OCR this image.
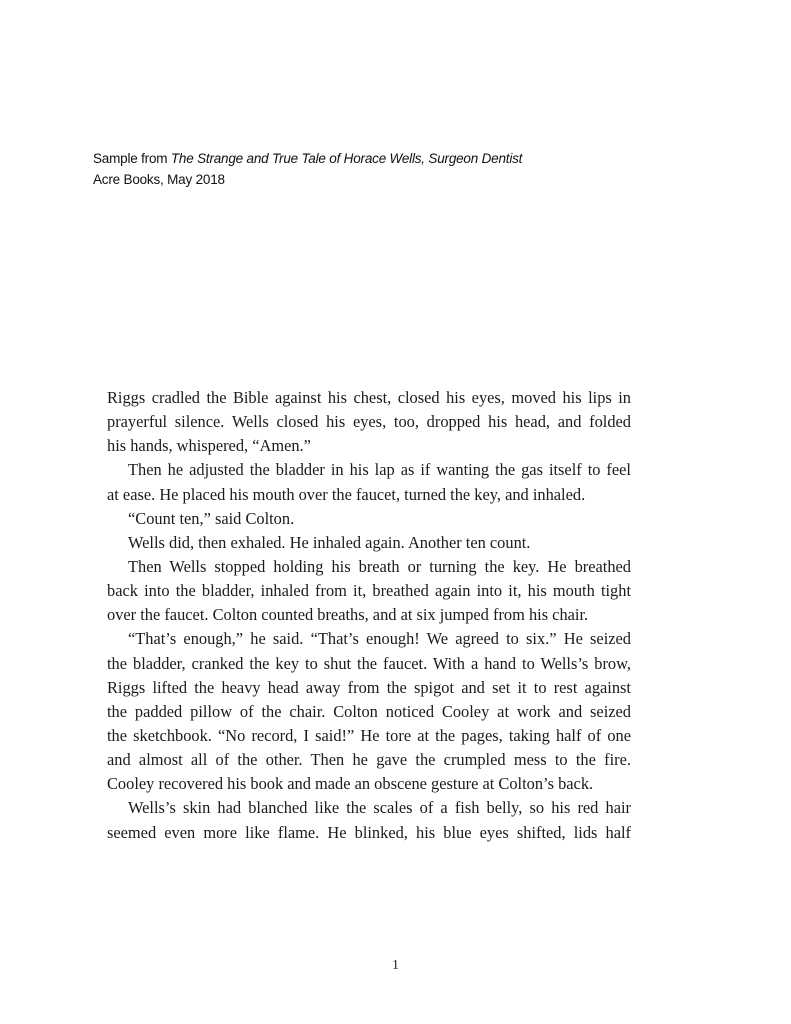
Sample from The Strange and True Tale of Horace Wells, Surgeon Dentist
Acre Books, May 2018
Riggs cradled the Bible against his chest, closed his eyes, moved his lips in
prayerful silence. Wells closed his eyes, too, dropped his head, and folded
his hands, whispered, “Amen.”
Then he adjusted the bladder in his lap as if wanting the gas itself to feel
at ease. He placed his mouth over the faucet, turned the key, and inhaled.
“Count ten,” said Colton.
Wells did, then exhaled. He inhaled again. Another ten count.
Then Wells stopped holding his breath or turning the key. He breathed
back into the bladder, inhaled from it, breathed again into it, his mouth tight
over the faucet. Colton counted breaths, and at six jumped from his chair.
“That’s enough,” he said. “That’s enough! We agreed to six.” He seized
the bladder, cranked the key to shut the faucet. With a hand to Wells’s brow,
Riggs lifted the heavy head away from the spigot and set it to rest against
the padded pillow of the chair. Colton noticed Cooley at work and seized
the sketchbook. “No record, I said!” He tore at the pages, taking half of one
and almost all of the other. Then he gave the crumpled mess to the fire.
Cooley recovered his book and made an obscene gesture at Colton’s back.
Wells’s skin had blanched like the scales of a fish belly, so his red hair
seemed even more like flame. He blinked, his blue eyes shifted, lids half
1
